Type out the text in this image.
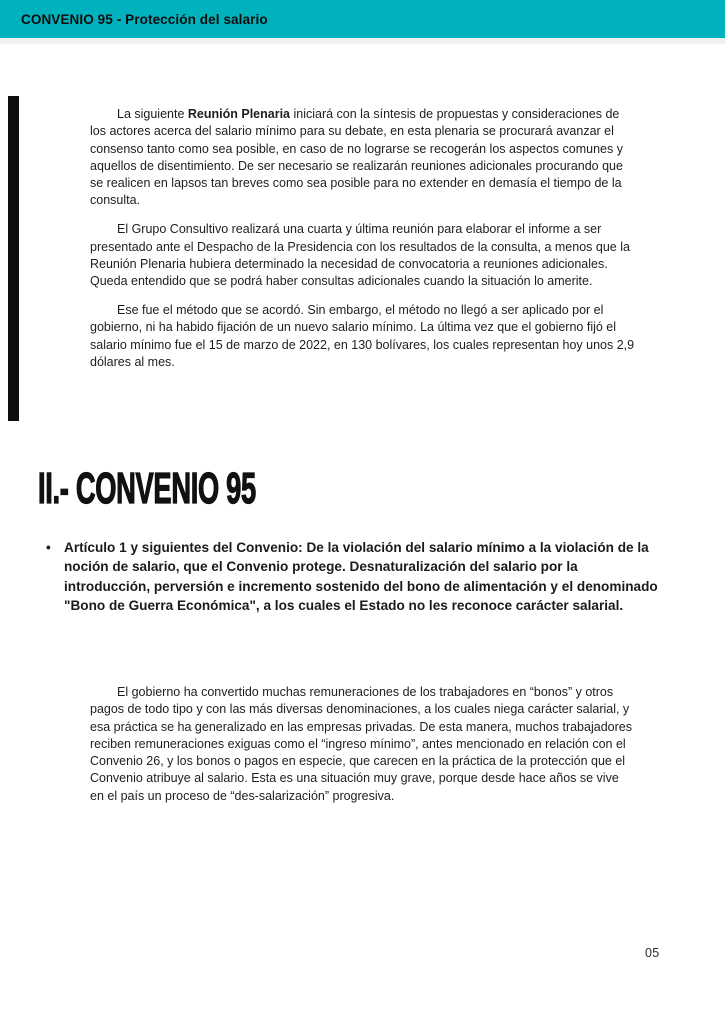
CONVENIO 95 - Protección del salario

La siguiente Reunión Plenaria iniciará con la síntesis de propuestas y consideraciones de los actores acerca del salario mínimo para su debate, en esta plenaria se procurará avanzar el consenso tanto como sea posible, en caso de no lograrse se recogerán los aspectos comunes y aquellos de disentimiento. De ser necesario se realizarán reuniones adicionales procurando que se realicen en lapsos tan breves como sea posible para no extender en demasía el tiempo de la consulta.

El Grupo Consultivo realizará una cuarta y última reunión para elaborar el informe a ser presentado ante el Despacho de la Presidencia con los resultados de la consulta, a menos que la Reunión Plenaria hubiera determinado la necesidad de convocatoria a reuniones adicionales. Queda entendido que se podrá haber consultas adicionales cuando la situación lo amerite.

Ese fue el método que se acordó. Sin embargo, el método no llegó a ser aplicado por el gobierno, ni ha habido fijación de un nuevo salario mínimo. La última vez que el gobierno fijó el salario mínimo fue el 15 de marzo de 2022, en 130 bolívares, los cuales representan hoy unos 2,9 dólares al mes.

II.- CONVENIO 95
• Artículo 1 y siguientes del Convenio: De la violación del salario mínimo a la violación de la noción de salario, que el Convenio protege. Desnaturalización del salario por la introducción, perversión e incremento sostenido del bono de alimentación y el denominado "Bono de Guerra Económica", a los cuales el Estado no les reconoce carácter salarial.

El gobierno ha convertido muchas remuneraciones de los trabajadores en “bonos” y otros pagos de todo tipo y con las más diversas denominaciones, a los cuales niega carácter salarial, y esa práctica se ha generalizado en las empresas privadas. De esta manera, muchos trabajadores reciben remuneraciones exiguas como el “ingreso mínimo”, antes mencionado en relación con el Convenio 26, y los bonos o pagos en especie, que carecen en la práctica de la protección que el Convenio atribuye al salario. Esta es una situación muy grave, porque desde hace años se vive en el país un proceso de “des-salarización” progresiva.

05
